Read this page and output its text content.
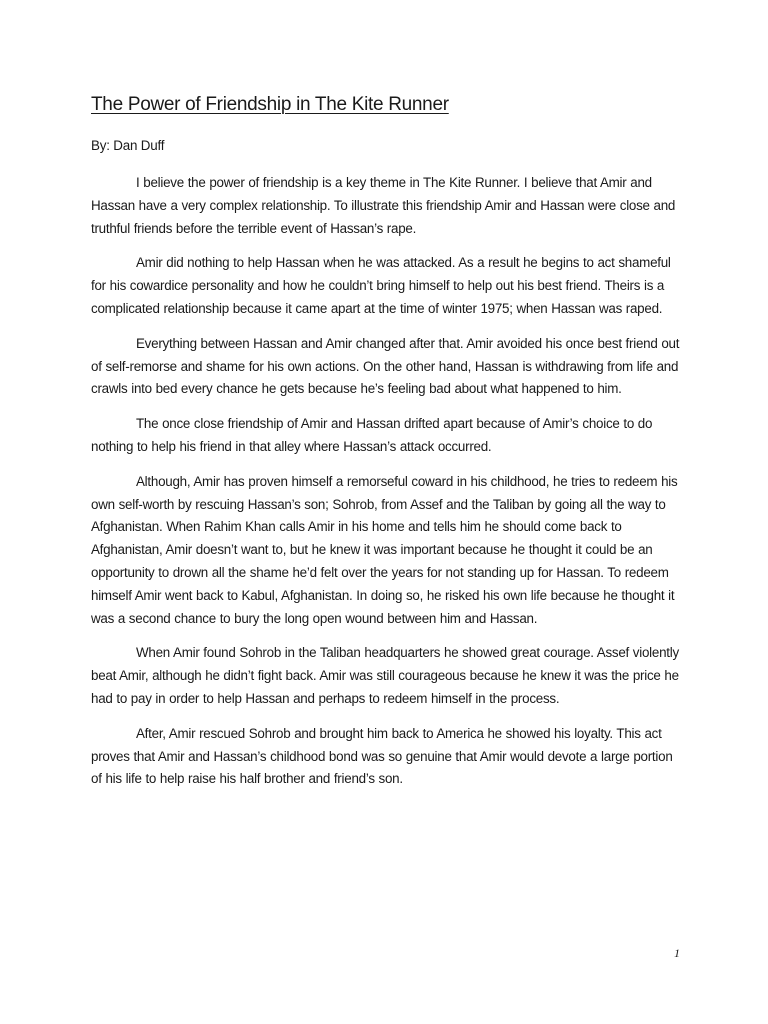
The Power of Friendship in The Kite Runner

By: Dan Duff

I believe the power of friendship is a key theme in The Kite Runner. I believe that Amir and Hassan have a very complex relationship. To illustrate this friendship Amir and Hassan were close and truthful friends before the terrible event of Hassan’s rape.

Amir did nothing to help Hassan when he was attacked. As a result he begins to act shameful for his cowardice personality and how he couldn’t bring himself to help out his best friend. Theirs is a complicated relationship because it came apart at the time of winter 1975; when Hassan was raped.

Everything between Hassan and Amir changed after that. Amir avoided his once best friend out of self-remorse and shame for his own actions. On the other hand, Hassan is withdrawing from life and crawls into bed every chance he gets because he’s feeling bad about what happened to him.

The once close friendship of Amir and Hassan drifted apart because of Amir’s choice to do nothing to help his friend in that alley where Hassan’s attack occurred.

Although, Amir has proven himself a remorseful coward in his childhood, he tries to redeem his own self-worth by rescuing Hassan’s son; Sohrob, from Assef and the Taliban by going all the way to Afghanistan. When Rahim Khan calls Amir in his home and tells him he should come back to Afghanistan, Amir doesn’t want to, but he knew it was important because he thought it could be an opportunity to drown all the shame he’d felt over the years for not standing up for Hassan. To redeem himself Amir went back to Kabul, Afghanistan. In doing so, he risked his own life because he thought it was a second chance to bury the long open wound between him and Hassan.

When Amir found Sohrob in the Taliban headquarters he showed great courage. Assef violently beat Amir, although he didn’t fight back. Amir was still courageous because he knew it was the price he had to pay in order to help Hassan and perhaps to redeem himself in the process.

After, Amir rescued Sohrob and brought him back to America he showed his loyalty. This act proves that Amir and Hassan’s childhood bond was so genuine that Amir would devote a large portion of his life to help raise his half brother and friend’s son.

1
